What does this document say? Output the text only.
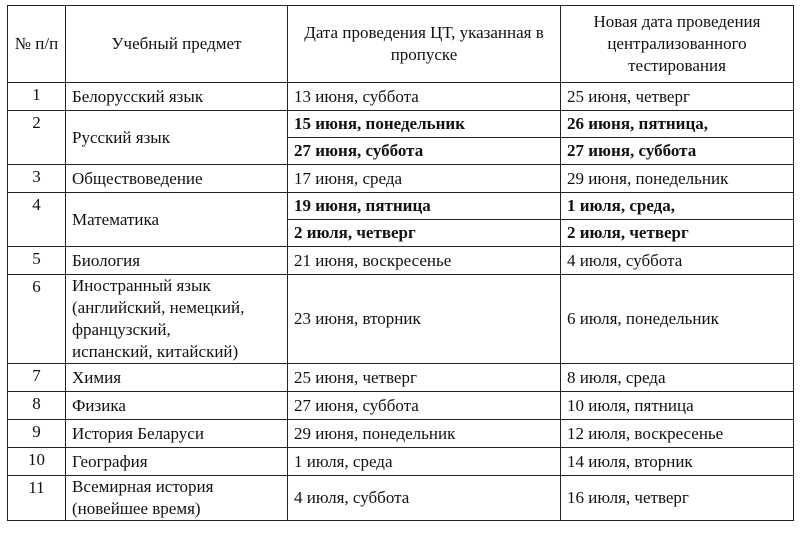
№ п/п	Учебный предмет	Дата проведения ЦТ, указанная в пропуске	Новая дата проведения централизованного тестирования
1	Белорусский язык	13 июня, суббота	25 июня, четверг
2	Русский язык	15 июня, понедельник	26 июня, пятница,
		27 июня, суббота	27 июня, суббота
3	Обществоведение	17 июня, среда	29 июня, понедельник
4	Математика	19 июня, пятница	1 июля, среда,
		2 июля, четверг	2 июля, четверг
5	Биология	21 июня, воскресенье	4 июля, суббота
6	Иностранный язык
(английский, немецкий,
французский,
испанский, китайский)	23 июня, вторник	6 июля, понедельник
7	Химия	25 июня, четверг	8 июля, среда
8	Физика	27 июня, суббота	10 июля, пятница
9	История Беларуси	29 июня, понедельник	12 июля, воскресенье
10	География	1 июля, среда	14 июля, вторник
11	Всемирная история
(новейшее время)	4 июля, суббота	16 июля, четверг
